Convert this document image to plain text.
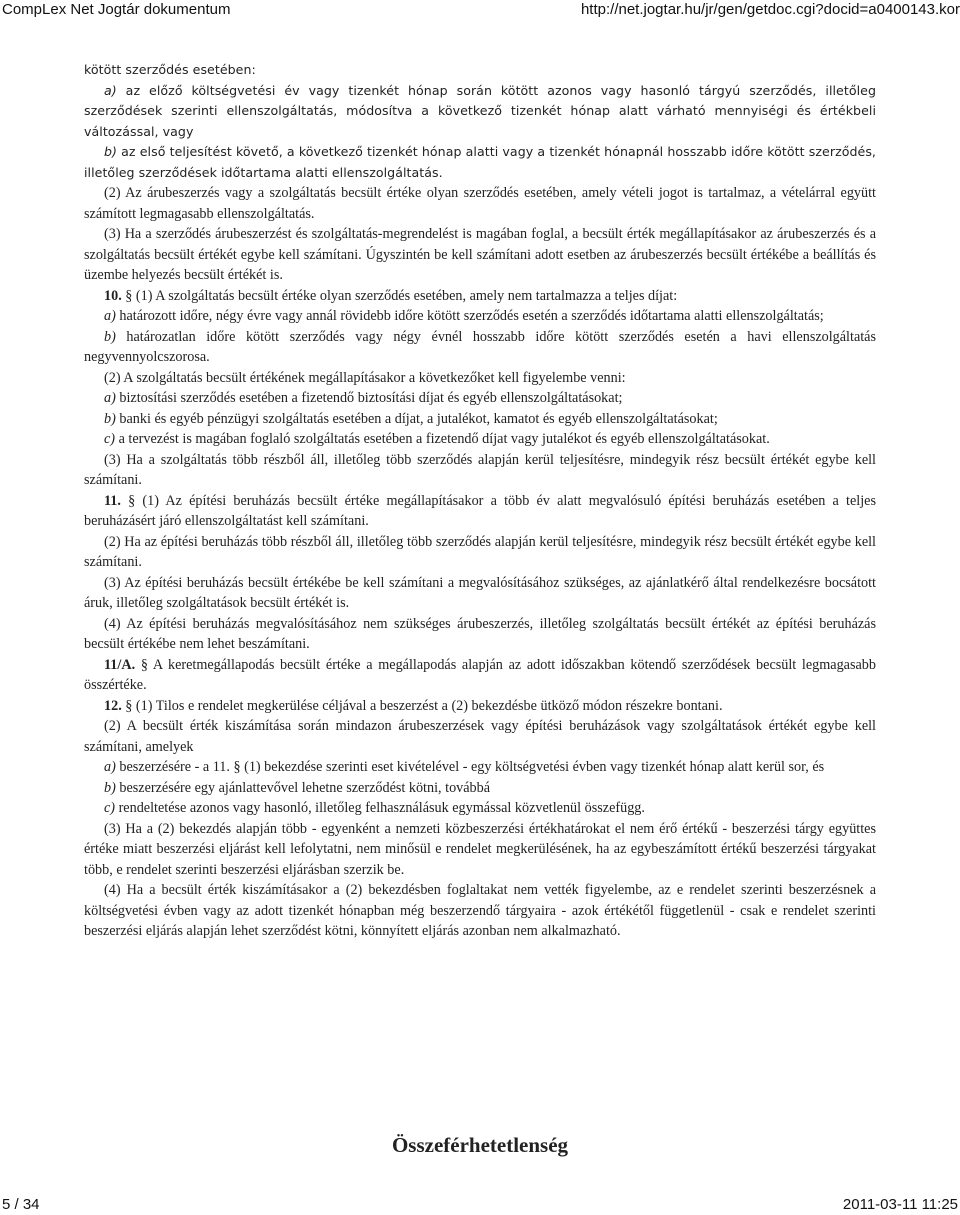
CompLex Net Jogtár dokumentum	http://net.jogtar.hu/jr/gen/getdoc.cgi?docid=a0400143.kor

kötött szerződés esetében:

a) az előző költségvetési év vagy tizenkét hónap során kötött azonos vagy hasonló tárgyú szerződés, illetőleg szerződések szerinti ellenszolgáltatás, módosítva a következő tizenkét hónap alatt várható mennyiségi és értékbeli változással, vagy

b) az első teljesítést követő, a következő tizenkét hónap alatti vagy a tizenkét hónapnál hosszabb időre kötött szerződés, illetőleg szerződések időtartama alatti ellenszolgáltatás.

(2) Az árubeszerzés vagy a szolgáltatás becsült értéke olyan szerződés esetében, amely vételi jogot is tartalmaz, a vételárral együtt számított legmagasabb ellenszolgáltatás.

(3) Ha a szerződés árubeszerzést és szolgáltatás-megrendelést is magában foglal, a becsült érték megállapításakor az árubeszerzés és a szolgáltatás becsült értékét egybe kell számítani. Úgyszintén be kell számítani adott esetben az árubeszerzés becsült értékébe a beállítás és üzembe helyezés becsült értékét is.

10. § (1) A szolgáltatás becsült értéke olyan szerződés esetében, amely nem tartalmazza a teljes díjat:

a) határozott időre, négy évre vagy annál rövidebb időre kötött szerződés esetén a szerződés időtartama alatti ellenszolgáltatás;

b) határozatlan időre kötött szerződés vagy négy évnél hosszabb időre kötött szerződés esetén a havi ellenszolgáltatás negyvennyolcszorosa.

(2) A szolgáltatás becsült értékének megállapításakor a következőket kell figyelembe venni:

a) biztosítási szerződés esetében a fizetendő biztosítási díjat és egyéb ellenszolgáltatásokat;

b) banki és egyéb pénzügyi szolgáltatás esetében a díjat, a jutalékot, kamatot és egyéb ellenszolgáltatásokat;

c) a tervezést is magában foglaló szolgáltatás esetében a fizetendő díjat vagy jutalékot és egyéb ellenszolgáltatásokat.

(3) Ha a szolgáltatás több részből áll, illetőleg több szerződés alapján kerül teljesítésre, mindegyik rész becsült értékét egybe kell számítani.

11. § (1) Az építési beruházás becsült értéke megállapításakor a több év alatt megvalósuló építési beruházás esetében a teljes beruházásért járó ellenszolgáltatást kell számítani.

(2) Ha az építési beruházás több részből áll, illetőleg több szerződés alapján kerül teljesítésre, mindegyik rész becsült értékét egybe kell számítani.

(3) Az építési beruházás becsült értékébe be kell számítani a megvalósításához szükséges, az ajánlatkérő által rendelkezésre bocsátott áruk, illetőleg szolgáltatások becsült értékét is.

(4) Az építési beruházás megvalósításához nem szükséges árubeszerzés, illetőleg szolgáltatás becsült értékét az építési beruházás becsült értékébe nem lehet beszámítani.

11/A. § A keretmegállapodás becsült értéke a megállapodás alapján az adott időszakban kötendő szerződések becsült legmagasabb összértéke.

12. § (1) Tilos e rendelet megkerülése céljával a beszerzést a (2) bekezdésbe ütköző módon részekre bontani.

(2) A becsült érték kiszámítása során mindazon árubeszerzések vagy építési beruházások vagy szolgáltatások értékét egybe kell számítani, amelyek

a) beszerzésére - a 11. § (1) bekezdése szerinti eset kivételével - egy költségvetési évben vagy tizenkét hónap alatt kerül sor, és

b) beszerzésére egy ajánlattevővel lehetne szerződést kötni, továbbá

c) rendeltetése azonos vagy hasonló, illetőleg felhasználásuk egymással közvetlenül összefügg.

(3) Ha a (2) bekezdés alapján több - egyenként a nemzeti közbeszerzési értékhatárokat el nem érő értékű - beszerzési tárgy együttes értéke miatt beszerzési eljárást kell lefolytatni, nem minősül e rendelet megkerülésének, ha az egybeszámított értékű beszerzési tárgyakat több, e rendelet szerinti beszerzési eljárásban szerzik be.

(4) Ha a becsült érték kiszámításakor a (2) bekezdésben foglaltakat nem vették figyelembe, az e rendelet szerinti beszerzésnek a költségvetési évben vagy az adott tizenkét hónapban még beszerzendő tárgyaira - azok értékétől függetlenül - csak e rendelet szerinti beszerzési eljárás alapján lehet szerződést kötni, könnyített eljárás azonban nem alkalmazható.

Összeférhetetlenség
5 / 34	2011-03-11 11:25
